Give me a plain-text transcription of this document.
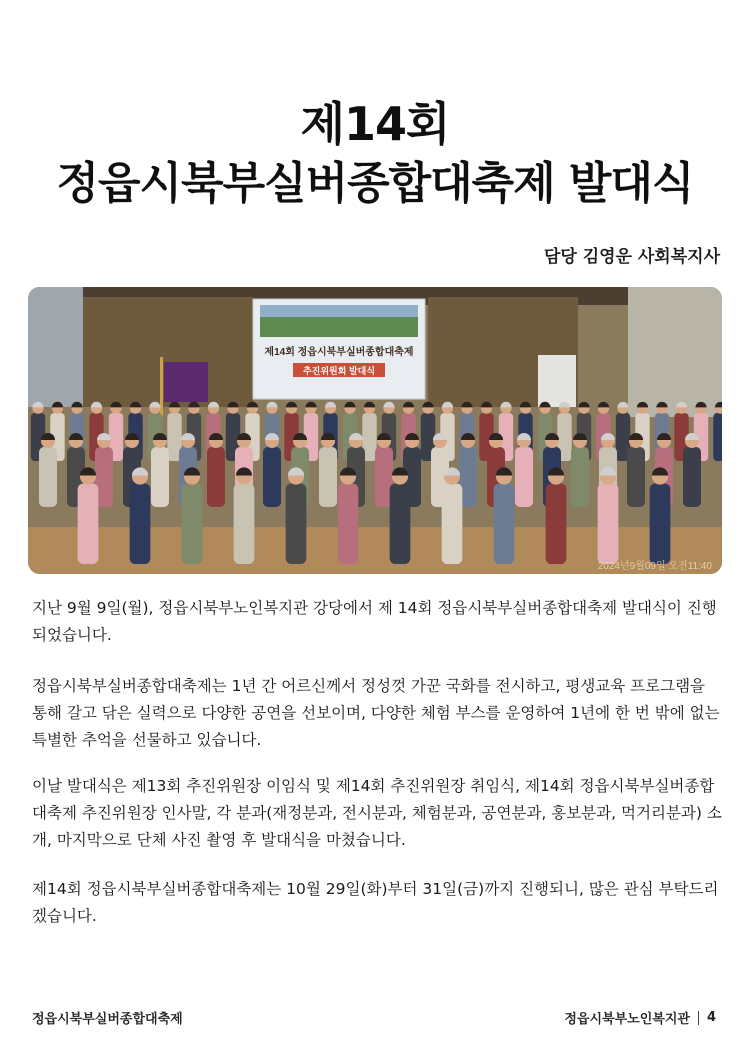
제14회
정읍시북부실버종합대축제 발대식
담당 김영운 사회복지사
제14회 정읍시북부실버종합대축제
추진위원회 발대식
2024년9월09일 오전11:40
지난 9월 9일(월), 정읍시북부노인복지관 강당에서 제 14회 정읍시북부실버종합대축제 발대식이 진행되었습니다.
정읍시북부실버종합대축제는 1년 간 어르신께서 정성껏 가꾼 국화를 전시하고, 평생교육 프로그램을 통해 갈고 닦은 실력으로 다양한 공연을 선보이며, 다양한 체험 부스를 운영하여 1년에 한 번 밖에 없는 특별한 추억을 선물하고 있습니다.
이날 발대식은 제13회 추진위원장 이임식 및 제14회 추진위원장 취임식, 제14회 정읍시북부실버종합대축제 추진위원장 인사말, 각 분과(재정분과, 전시분과, 체험분과, 공연분과, 홍보분과, 먹거리분과) 소개, 마지막으로 단체 사진 촬영 후 발대식을 마쳤습니다.
제14회 정읍시북부실버종합대축제는 10월 29일(화)부터 31일(금)까지 진행되니, 많은 관심 부탁드리겠습니다.
정읍시북부실버종합대축제	정읍시북부노인복지관 4
